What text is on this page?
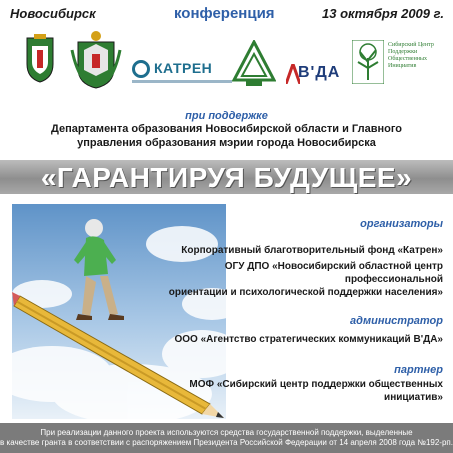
Новосибирск	конференция	13 октября 2009 г.
КАТРЕН	В'ДА
Сибирский Центр Поддержки Общественных Инициатив
при поддержке
Департамента образования Новосибирской области и Главного
управления образования мэрии города Новосибирска
«ГАРАНТИРУЯ БУДУЩЕЕ»
организаторы
Корпоративный благотворительный фонд «Катрен»
ОГУ ДПО «Новосибирский областной центр профессиональной
ориентации и психологической поддержки населения»
администратор
ООО «Агентство стратегических коммуникаций В'ДА»
партнер
МОФ «Сибирский центр поддержки общественных инициатив»
При реализации данного проекта используются средства государственной поддержки, выделенные
в качестве гранта в соответствии с распоряжением Президента Российской Федерации от 14 апреля 2008 года №192-рп.
